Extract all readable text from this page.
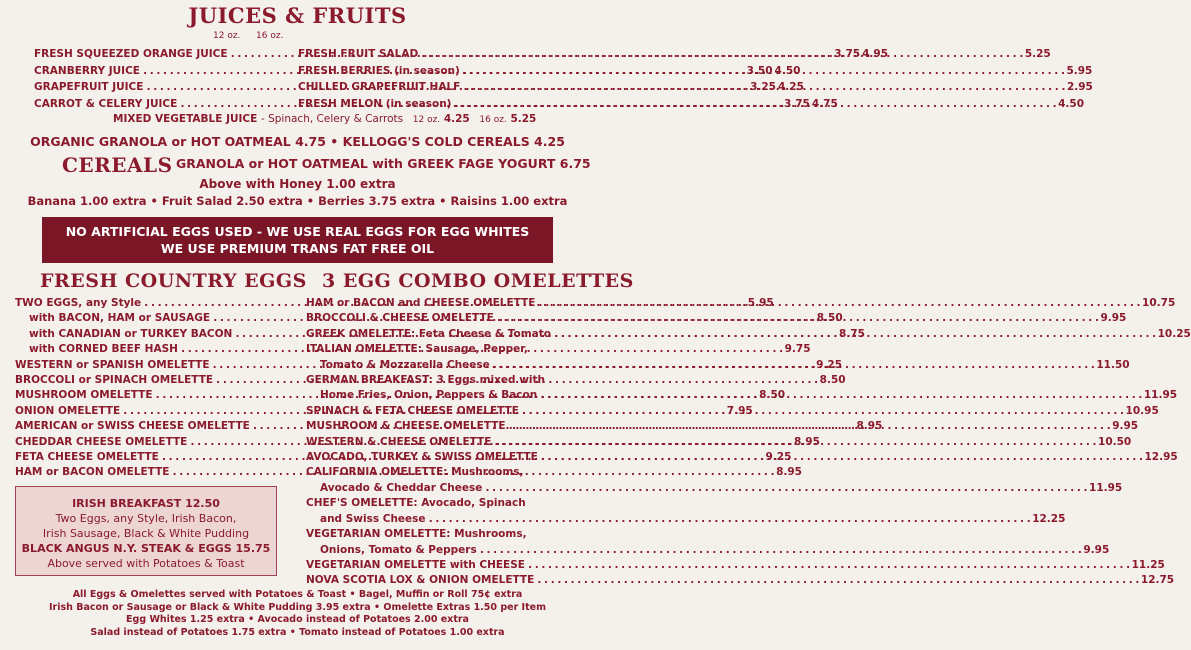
JUICES & FRUITS
12 oz. 16 oz.
FRESH SQUEEZED ORANGE JUICE . . .	3.75 4.95
CRANBERRY JUICE . . .	3.50 4.50
GRAPEFRUIT JUICE . . .	3.25 4.25
CARROT & CELERY JUICE . . .	3.75 4.75
FRESH FRUIT SALAD . . .	5.25
FRESH BERRIES (in season) . . .	5.95
CHILLED GRAPEFRUIT HALF . . .	2.95
FRESH MELON (in season) . . .	4.50
MIXED VEGETABLE JUICE - Spinach, Celery & Carrots 12 oz. 4.25 16 oz. 5.25
ORGANIC GRANOLA or HOT OATMEAL 4.75 • KELLOGG'S COLD CEREALS 4.25
CEREALS GRANOLA or HOT OATMEAL with GREEK FAGE YOGURT 6.75
Above with Honey 1.00 extra
Banana 1.00 extra • Fruit Salad 2.50 extra • Berries 3.75 extra • Raisins 1.00 extra
NO ARTIFICIAL EGGS USED - WE USE REAL EGGS FOR EGG WHITES
WE USE PREMIUM TRANS FAT FREE OIL
FRESH COUNTRY EGGS
TWO EGGS, any Style . . .	5.95
with BACON, HAM or SAUSAGE . . .	8.50
with CANADIAN or TURKEY BACON . . .	8.75
with CORNED BEEF HASH . . .	9.75
WESTERN or SPANISH OMELETTE . . .	9.25
BROCCOLI or SPINACH OMELETTE . . .	8.50
MUSHROOM OMELETTE . . .	8.50
ONION OMELETTE . . .	7.95
AMERICAN or SWISS CHEESE OMELETTE . . .	8.95
CHEDDAR CHEESE OMELETTE . . .	8.95
FETA CHEESE OMELETTE . . .	9.25
HAM or BACON OMELETTE . . .	8.95
IRISH BREAKFAST 12.50
Two Eggs, any Style, Irish Bacon,
Irish Sausage, Black & White Pudding
BLACK ANGUS N.Y. STEAK & EGGS 15.75
Above served with Potatoes & Toast
3 EGG COMBO OMELETTES
HAM or BACON and CHEESE OMELETTE . . .	10.75
BROCCOLI & CHEESE OMELETTE . . .	9.95
GREEK OMELETTE: Feta Cheese & Tomato . . .	10.25
ITALIAN OMELETTE: Sausage, Pepper,
Tomato & Mozzarella Cheese . . .	11.50
GERMAN BREAKFAST: 3 Eggs mixed with
Home Fries, Onion, Peppers & Bacon . . .	11.95
SPINACH & FETA CHEESE OMELETTE . . .	10.95
MUSHROOM & CHEESE OMELETTE . . .	9.95
WESTERN & CHEESE OMELETTE . . .	10.50
AVOCADO, TURKEY & SWISS OMELETTE . . .	12.95
CALIFORNIA OMELETTE: Mushrooms,
Avocado & Cheddar Cheese . . .	11.95
CHEF'S OMELETTE: Avocado, Spinach
and Swiss Cheese . . .	12.25
VEGETARIAN OMELETTE: Mushrooms,
Onions, Tomato & Peppers . . .	9.95
VEGETARIAN OMELETTE with CHEESE . . .	11.25
NOVA SCOTIA LOX & ONION OMELETTE . . .	12.75
All Eggs & Omelettes served with Potatoes & Toast • Bagel, Muffin or Roll 75¢ extra
Irish Bacon or Sausage or Black & White Pudding 3.95 extra • Omelette Extras 1.50 per Item
Egg Whites 1.25 extra • Avocado instead of Potatoes 2.00 extra
Salad instead of Potatoes 1.75 extra • Tomato instead of Potatoes 1.00 extra
